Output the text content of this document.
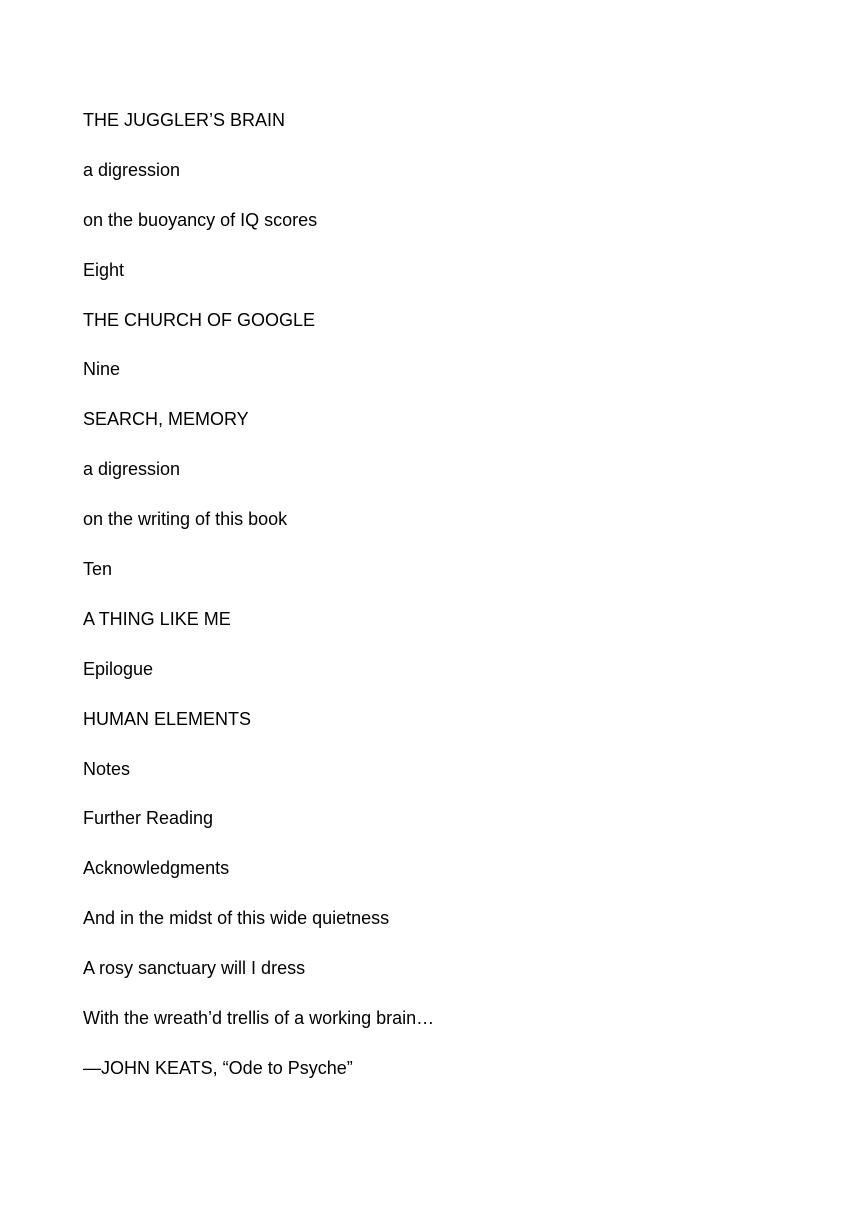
THE JUGGLER’S BRAIN
a digression
on the buoyancy of IQ scores
Eight
THE CHURCH OF GOOGLE
Nine
SEARCH, MEMORY
a digression
on the writing of this book
Ten
A THING LIKE ME
Epilogue
HUMAN ELEMENTS
Notes
Further Reading
Acknowledgments
And in the midst of this wide quietness
A rosy sanctuary will I dress
With the wreath’d trellis of a working brain…
—JOHN KEATS, “Ode to Psyche”
